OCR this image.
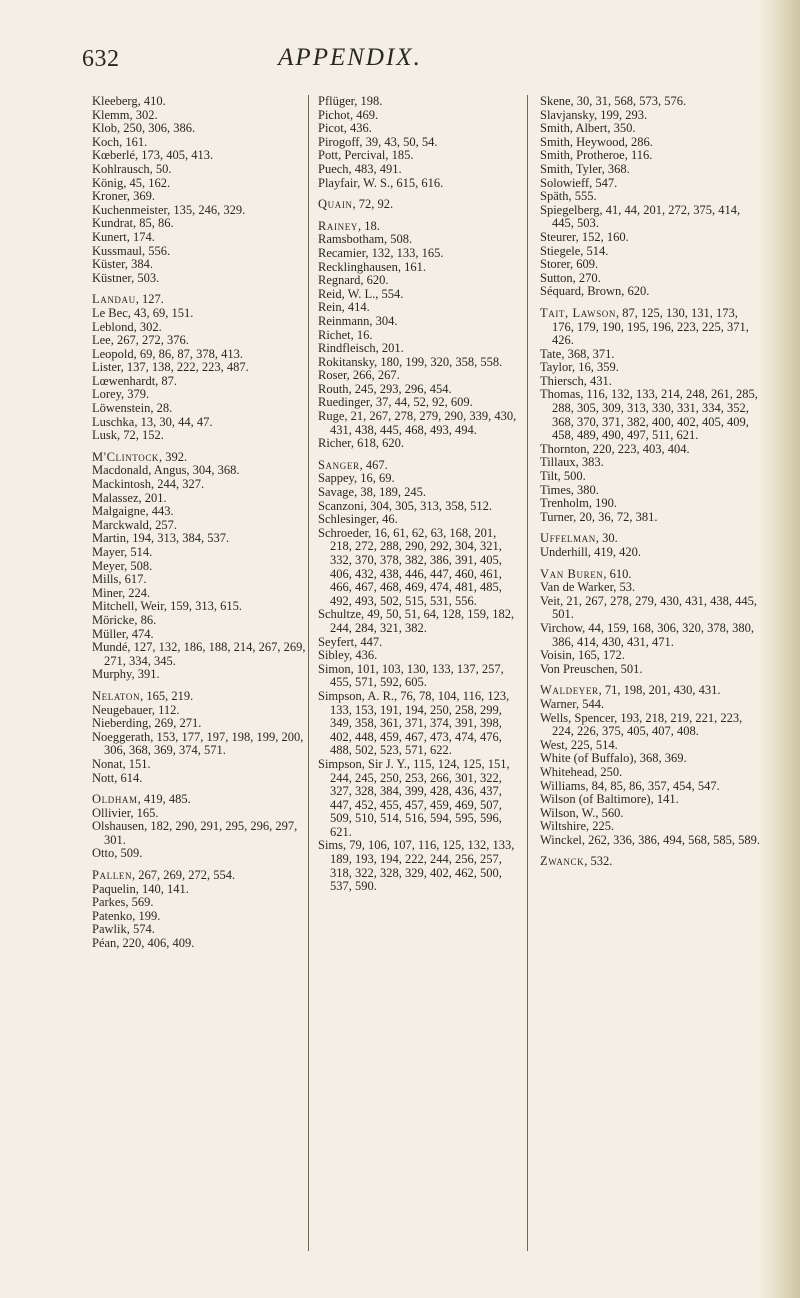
632	APPENDIX.
Kleeberg, 410.
Klemm, 302.
Klob, 250, 306, 386.
Koch, 161.
Kœberlé, 173, 405, 413.
Kohlrausch, 50.
König, 45, 162.
Kroner, 369.
Kuchenmeister, 135, 246, 329.
Kundrat, 85, 86.
Kunert, 174.
Kussmaul, 556.
Küster, 384.
Küstner, 503.
Landau, 127.
Le Bec, 43, 69, 151.
Leblond, 302.
Lee, 267, 272, 376.
Leopold, 69, 86, 87, 378, 413.
Lister, 137, 138, 222, 223, 487.
Lœwenhardt, 87.
Lorey, 379.
Löwenstein, 28.
Luschka, 13, 30, 44, 47.
Lusk, 72, 152.
M'Clintock, 392.
Macdonald, Angus, 304, 368.
Mackintosh, 244, 327.
Malassez, 201.
Malgaigne, 443.
Marckwald, 257.
Martin, 194, 313, 384, 537.
Mayer, 514.
Meyer, 508.
Mills, 617.
Miner, 224.
Mitchell, Weir, 159, 313, 615.
Möricke, 86.
Müller, 474.
Mundé, 127, 132, 186, 188, 214, 267, 269, 271, 334, 345.
Murphy, 391.
Nelaton, 165, 219.
Neugebauer, 112.
Nieberding, 269, 271.
Noeggerath, 153, 177, 197, 198, 199, 200, 306, 368, 369, 374, 571.
Nonat, 151.
Nott, 614.
Oldham, 419, 485.
Ollivier, 165.
Olshausen, 182, 290, 291, 295, 296, 297, 301.
Otto, 509.
Pallen, 267, 269, 272, 554.
Paquelin, 140, 141.
Parkes, 569.
Patenko, 199.
Pawlik, 574.
Péan, 220, 406, 409.
Pflüger, 198.
Pichot, 469.
Picot, 436.
Pirogoff, 39, 43, 50, 54.
Pott, Percival, 185.
Puech, 483, 491.
Playfair, W. S., 615, 616.
Quain, 72, 92.
Rainey, 18.
Ramsbotham, 508.
Recamier, 132, 133, 165.
Recklinghausen, 161.
Regnard, 620.
Reid, W. L., 554.
Rein, 414.
Reinmann, 304.
Richet, 16.
Rindfleisch, 201.
Rokitansky, 180, 199, 320, 358, 558.
Roser, 266, 267.
Routh, 245, 293, 296, 454.
Ruedinger, 37, 44, 52, 92, 609.
Ruge, 21, 267, 278, 279, 290, 339, 430, 431, 438, 445, 468, 493, 494.
Richer, 618, 620.
Sanger, 467.
Sappey, 16, 69.
Savage, 38, 189, 245.
Scanzoni, 304, 305, 313, 358, 512.
Schlesinger, 46.
Schroeder, 16, 61, 62, 63, 168, 201, 218, 272, 288, 290, 292, 304, 321, 332, 370, 378, 382, 386, 391, 405, 406, 432, 438, 446, 447, 460, 461, 466, 467, 468, 469, 474, 481, 485, 492, 493, 502, 515, 531, 556.
Schultze, 49, 50, 51, 64, 128, 159, 182, 244, 284, 321, 382.
Seyfert, 447.
Sibley, 436.
Simon, 101, 103, 130, 133, 137, 257, 455, 571, 592, 605.
Simpson, A. R., 76, 78, 104, 116, 123, 133, 153, 191, 194, 250, 258, 299, 349, 358, 361, 371, 374, 391, 398, 402, 448, 459, 467, 473, 474, 476, 488, 502, 523, 571, 622.
Simpson, Sir J. Y., 115, 124, 125, 151, 244, 245, 250, 253, 266, 301, 322, 327, 328, 384, 399, 428, 436, 437, 447, 452, 455, 457, 459, 469, 507, 509, 510, 514, 516, 594, 595, 596, 621.
Sims, 79, 106, 107, 116, 125, 132, 133, 189, 193, 194, 222, 244, 256, 257, 318, 322, 328, 329, 402, 462, 500, 537, 590.
Skene, 30, 31, 568, 573, 576.
Slavjansky, 199, 293.
Smith, Albert, 350.
Smith, Heywood, 286.
Smith, Protheroe, 116.
Smith, Tyler, 368.
Solowieff, 547.
Späth, 555.
Spiegelberg, 41, 44, 201, 272, 375, 414, 445, 503.
Steurer, 152, 160.
Stiegele, 514.
Storer, 609.
Sutton, 270.
Séquard, Brown, 620.
Tait, Lawson, 87, 125, 130, 131, 173, 176, 179, 190, 195, 196, 223, 225, 371, 426.
Tate, 368, 371.
Taylor, 16, 359.
Thiersch, 431.
Thomas, 116, 132, 133, 214, 248, 261, 285, 288, 305, 309, 313, 330, 331, 334, 352, 368, 370, 371, 382, 400, 402, 405, 409, 458, 489, 490, 497, 511, 621.
Thornton, 220, 223, 403, 404.
Tillaux, 383.
Tilt, 500.
Times, 380.
Trenholm, 190.
Turner, 20, 36, 72, 381.
Uffelman, 30.
Underhill, 419, 420.
Van Buren, 610.
Van de Warker, 53.
Veit, 21, 267, 278, 279, 430, 431, 438, 445, 501.
Virchow, 44, 159, 168, 306, 320, 378, 380, 386, 414, 430, 431, 471.
Voisin, 165, 172.
Von Preuschen, 501.
Waldeyer, 71, 198, 201, 430, 431.
Warner, 544.
Wells, Spencer, 193, 218, 219, 221, 223, 224, 226, 375, 405, 407, 408.
West, 225, 514.
White (of Buffalo), 368, 369.
Whitehead, 250.
Williams, 84, 85, 86, 357, 454, 547.
Wilson (of Baltimore), 141.
Wilson, W., 560.
Wiltshire, 225.
Winckel, 262, 336, 386, 494, 568, 585, 589.
Zwanck, 532.
